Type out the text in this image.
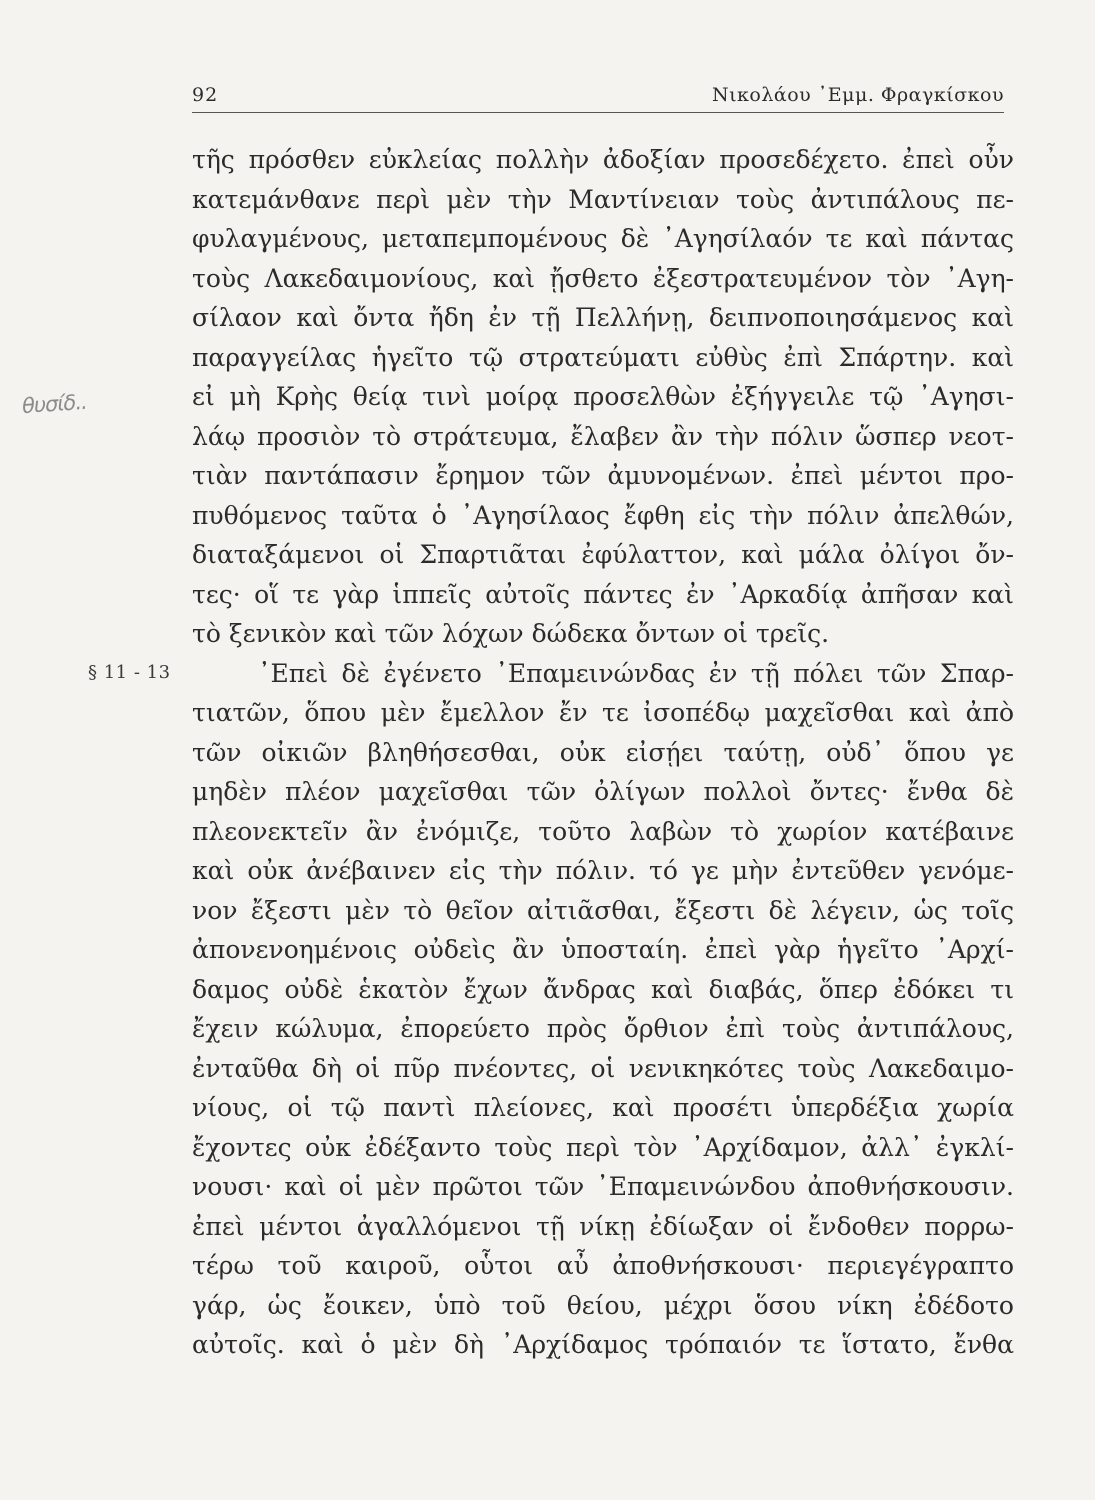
92	Νικολάου ᾿Εμμ. Φραγκίσκου
θυσίδ..
§ 11 - 13
τῆς πρόσθεν εὐκλείας πολλὴν ἀδοξίαν προσεδέχετο. ἐπεὶ οὖν
κατεμάνθανε περὶ μὲν τὴν Μαντίνειαν τοὺς ἀντιπάλους πε-
φυλαγμένους, μεταπεμπομένους δὲ ᾿Αγησίλαόν τε καὶ πάντας
τοὺς Λακεδαιμονίους, καὶ ᾔσθετο ἐξεστρατευμένον τὸν ᾿Αγη-
σίλαον καὶ ὄντα ἤδη ἐν τῇ Πελλήνῃ, δειπνοποιησάμενος καὶ
παραγγείλας ἡγεῖτο τῷ στρατεύματι εὐθὺς ἐπὶ Σπάρτην. καὶ
εἰ μὴ Κρὴς θείᾳ τινὶ μοίρᾳ προσελθὼν ἐξήγγειλε τῷ ᾿Αγησι-
λάῳ προσιὸν τὸ στράτευμα, ἔλαβεν ἂν τὴν πόλιν ὥσπερ νεοτ-
τιὰν παντάπασιν ἔρημον τῶν ἀμυνομένων. ἐπεὶ μέντοι προ-
πυθόμενος ταῦτα ὁ ᾿Αγησίλαος ἔφθη εἰς τὴν πόλιν ἀπελθών,
διαταξάμενοι οἱ Σπαρτιᾶται ἐφύλαττον, καὶ μάλα ὀλίγοι ὄν-
τες· οἵ τε γὰρ ἱππεῖς αὐτοῖς πάντες ἐν ᾿Αρκαδίᾳ ἀπῆσαν καὶ
τὸ ξενικὸν καὶ τῶν λόχων δώδεκα ὄντων οἱ τρεῖς.
᾿Επεὶ δὲ ἐγένετο ᾿Επαμεινώνδας ἐν τῇ πόλει τῶν Σπαρ-
τιατῶν, ὅπου μὲν ἔμελλον ἔν τε ἰσοπέδῳ μαχεῖσθαι καὶ ἀπὸ
τῶν οἰκιῶν βληθήσεσθαι, οὐκ εἰσῄει ταύτῃ, οὐδ᾿ ὅπου γε
μηδὲν πλέον μαχεῖσθαι τῶν ὀλίγων πολλοὶ ὄντες· ἔνθα δὲ
πλεονεκτεῖν ἂν ἐνόμιζε, τοῦτο λαβὼν τὸ χωρίον κατέβαινε
καὶ οὐκ ἀνέβαινεν εἰς τὴν πόλιν. τό γε μὴν ἐντεῦθεν γενόμε-
νον ἔξεστι μὲν τὸ θεῖον αἰτιᾶσθαι, ἔξεστι δὲ λέγειν, ὡς τοῖς
ἀπονενοημένοις οὐδεὶς ἂν ὑποσταίη. ἐπεὶ γὰρ ἡγεῖτο ᾿Αρχί-
δαμος οὐδὲ ἑκατὸν ἔχων ἄνδρας καὶ διαβάς, ὅπερ ἐδόκει τι
ἔχειν κώλυμα, ἐπορεύετο πρὸς ὄρθιον ἐπὶ τοὺς ἀντιπάλους,
ἐνταῦθα δὴ οἱ πῦρ πνέοντες, οἱ νενικηκότες τοὺς Λακεδαιμο-
νίους, οἱ τῷ παντὶ πλείονες, καὶ προσέτι ὑπερδέξια χωρία
ἔχοντες οὐκ ἐδέξαντο τοὺς περὶ τὸν ᾿Αρχίδαμον, ἀλλ᾿ ἐγκλί-
νουσι· καὶ οἱ μὲν πρῶτοι τῶν ᾿Επαμεινώνδου ἀποθνήσκουσιν.
ἐπεὶ μέντοι ἀγαλλόμενοι τῇ νίκῃ ἐδίωξαν οἱ ἔνδοθεν πορρω-
τέρω τοῦ καιροῦ, οὗτοι αὖ ἀποθνήσκουσι· περιεγέγραπτο
γάρ, ὡς ἔοικεν, ὑπὸ τοῦ θείου, μέχρι ὅσου νίκη ἐδέδοτο
αὐτοῖς. καὶ ὁ μὲν δὴ ᾿Αρχίδαμος τρόπαιόν τε ἵστατο, ἔνθα
